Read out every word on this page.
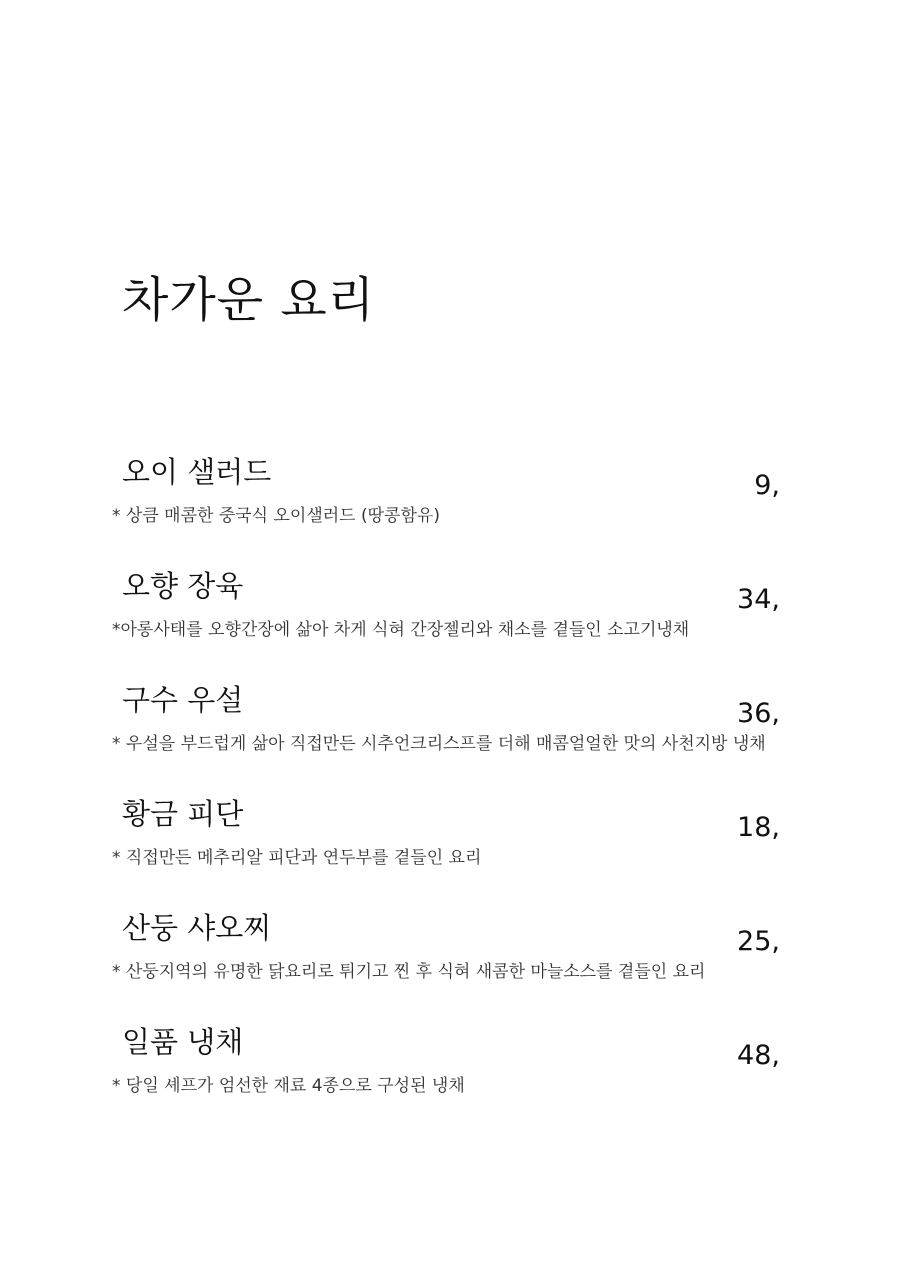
차가운 요리
오이 샐러드	9,
* 상큼 매콤한 중국식 오이샐러드 (땅콩함유)
오향 장육	34,
*아롱사태를 오향간장에 삶아 차게 식혀 간장젤리와 채소를 곁들인 소고기냉채
구수 우설	36,
* 우설을 부드럽게 삶아 직접만든 시추언크리스프를 더해 매콤얼얼한 맛의 사천지방 냉채
황금 피단	18,
* 직접만든 메추리알 피단과 연두부를 곁들인 요리
산둥 샤오찌	25,
* 산둥지역의 유명한 닭요리로 튀기고 찐 후 식혀 새콤한 마늘소스를 곁들인 요리
일품 냉채	48,
* 당일 셰프가 엄선한 재료 4종으로 구성된 냉채
